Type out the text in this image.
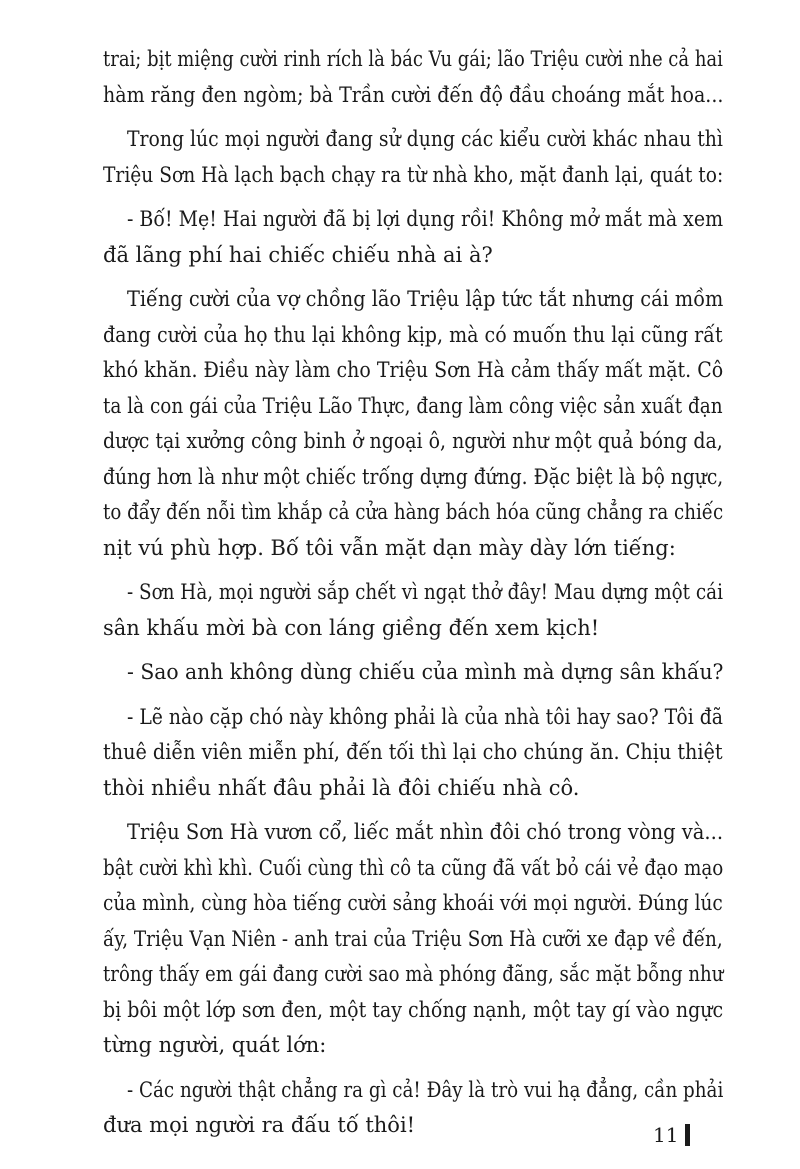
trai; bịt miệng cười rinh rích là bác Vu gái; lão Triệu cười nhe cả hai
hàm răng đen ngòm; bà Trần cười đến độ đầu choáng mắt hoa...

Trong lúc mọi người đang sử dụng các kiểu cười khác nhau thì
Triệu Sơn Hà lạch bạch chạy ra từ nhà kho, mặt đanh lại, quát to:

- Bố! Mẹ! Hai người đã bị lợi dụng rồi! Không mở mắt mà xem
đã lãng phí hai chiếc chiếu nhà ai à?

Tiếng cười của vợ chồng lão Triệu lập tức tắt nhưng cái mồm
đang cười của họ thu lại không kịp, mà có muốn thu lại cũng rất
khó khăn. Điều này làm cho Triệu Sơn Hà cảm thấy mất mặt. Cô
ta là con gái của Triệu Lão Thực, đang làm công việc sản xuất đạn
dược tại xưởng công binh ở ngoại ô, người như một quả bóng da,
đúng hơn là như một chiếc trống dựng đứng. Đặc biệt là bộ ngực,
to đẩy đến nỗi tìm khắp cả cửa hàng bách hóa cũng chẳng ra chiếc
nịt vú phù hợp. Bố tôi vẫn mặt dạn mày dày lớn tiếng:

- Sơn Hà, mọi người sắp chết vì ngạt thở đây! Mau dựng một cái
sân khấu mời bà con láng giềng đến xem kịch!

- Sao anh không dùng chiếu của mình mà dựng sân khấu?

- Lẽ nào cặp chó này không phải là của nhà tôi hay sao? Tôi đã
thuê diễn viên miễn phí, đến tối thì lại cho chúng ăn. Chịu thiệt
thòi nhiều nhất đâu phải là đôi chiếu nhà cô.

Triệu Sơn Hà vươn cổ, liếc mắt nhìn đôi chó trong vòng và...
bật cười khì khì. Cuối cùng thì cô ta cũng đã vất bỏ cái vẻ đạo mạo
của mình, cùng hòa tiếng cười sảng khoái với mọi người. Đúng lúc
ấy, Triệu Vạn Niên - anh trai của Triệu Sơn Hà cưỡi xe đạp về đến,
trông thấy em gái đang cười sao mà phóng đãng, sắc mặt bỗng như
bị bôi một lớp sơn đen, một tay chống nạnh, một tay gí vào ngực
từng người, quát lớn:

- Các người thật chẳng ra gì cả! Đây là trò vui hạ đẳng, cần phải
đưa mọi người ra đấu tố thôi!	11
